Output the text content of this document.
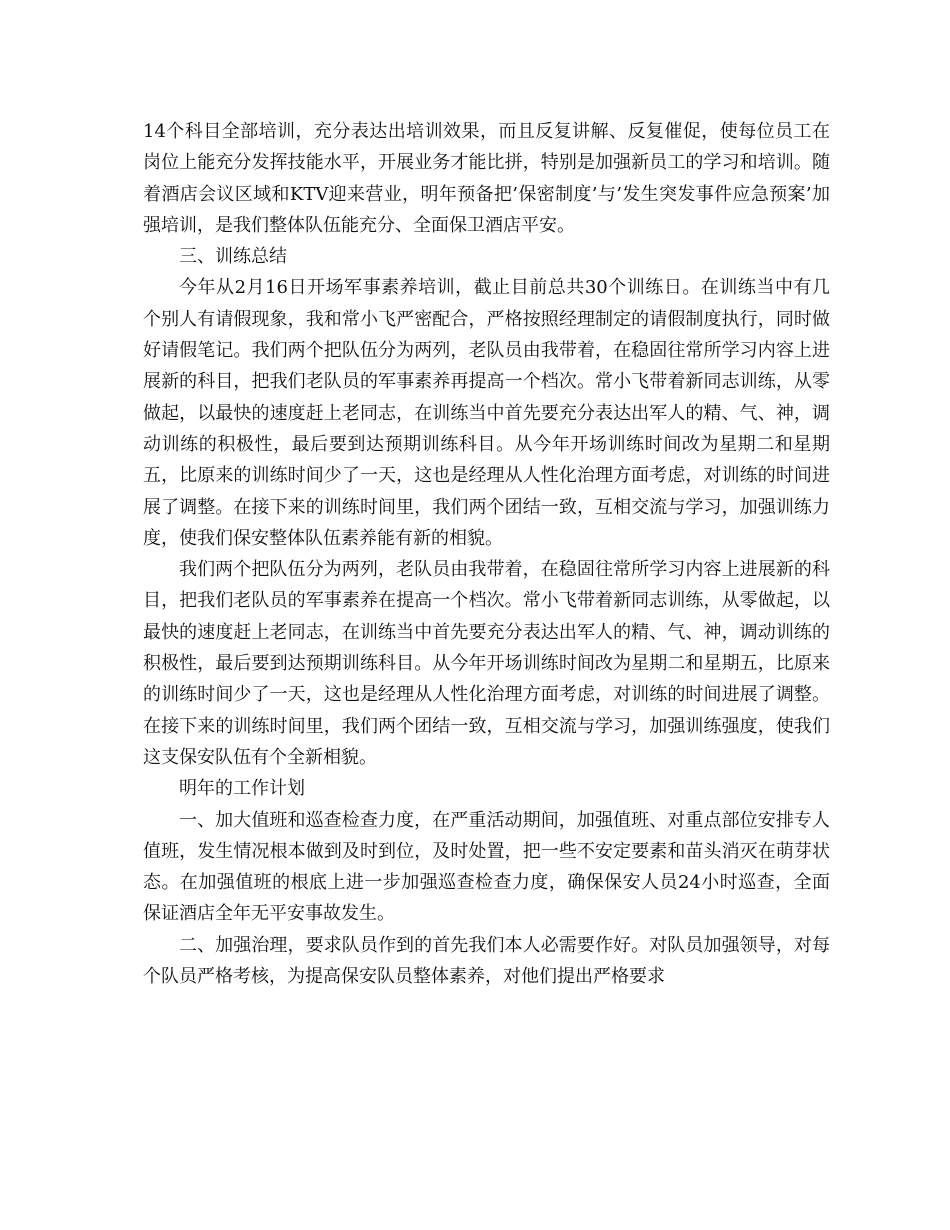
14个科目全部培训，充分表达出培训效果，而且反复讲解、反复催促，使每位员工在岗位上能充分发挥技能水平，开展业务才能比拼，特别是加强新员工的学习和培训。随着酒店会议区域和KTV迎来营业，明年预备把’保密制度’与’发生突发事件应急预案’加强培训，是我们整体队伍能充分、全面保卫酒店平安。

三、训练总结

今年从2月16日开场军事素养培训，截止目前总共30个训练日。在训练当中有几个别人有请假现象，我和常小飞严密配合，严格按照经理制定的请假制度执行，同时做好请假笔记。我们两个把队伍分为两列，老队员由我带着，在稳固往常所学习内容上进展新的科目，把我们老队员的军事素养再提高一个档次。常小飞带着新同志训练，从零做起，以最快的速度赶上老同志，在训练当中首先要充分表达出军人的精、气、神，调动训练的积极性，最后要到达预期训练科目。从今年开场训练时间改为星期二和星期五，比原来的训练时间少了一天，这也是经理从人性化治理方面考虑，对训练的时间进展了调整。在接下来的训练时间里，我们两个团结一致，互相交流与学习，加强训练力度，使我们保安整体队伍素养能有新的相貌。

我们两个把队伍分为两列，老队员由我带着，在稳固往常所学习内容上进展新的科目，把我们老队员的军事素养在提高一个档次。常小飞带着新同志训练，从零做起，以最快的速度赶上老同志，在训练当中首先要充分表达出军人的精、气、神，调动训练的积极性，最后要到达预期训练科目。从今年开场训练时间改为星期二和星期五，比原来的训练时间少了一天，这也是经理从人性化治理方面考虑，对训练的时间进展了调整。在接下来的训练时间里，我们两个团结一致，互相交流与学习，加强训练强度，使我们这支保安队伍有个全新相貌。

明年的工作计划

一、加大值班和巡查检查力度，在严重活动期间，加强值班、对重点部位安排专人值班，发生情况根本做到及时到位，及时处置，把一些不安定要素和苗头消灭在萌芽状态。在加强值班的根底上进一步加强巡查检查力度，确保保安人员24小时巡查，全面保证酒店全年无平安事故发生。

二、加强治理，要求队员作到的首先我们本人必需要作好。对队员加强领导，对每个队员严格考核，为提高保安队员整体素养，对他们提出严格要求
